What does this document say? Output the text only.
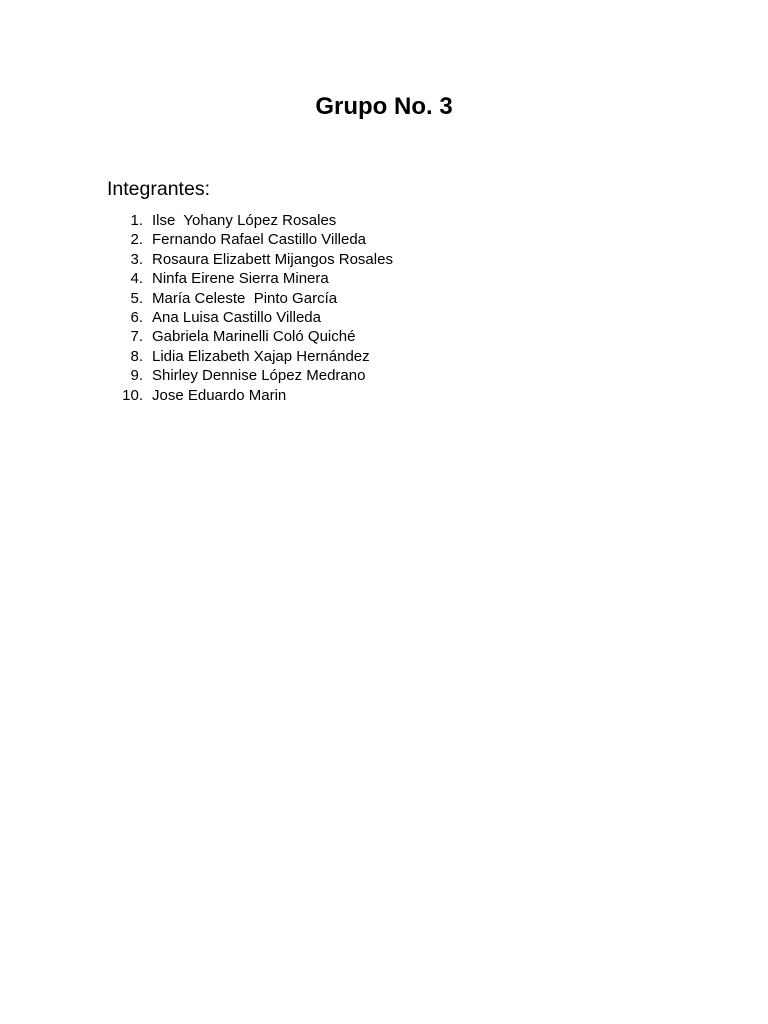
Grupo No. 3

Integrantes:

1. Ilse  Yohany López Rosales
2. Fernando Rafael Castillo Villeda
3. Rosaura Elizabett Mijangos Rosales
4. Ninfa Eirene Sierra Minera
5. María Celeste  Pinto García
6. Ana Luisa Castillo Villeda
7. Gabriela Marinelli Coló Quiché
8. Lidia Elizabeth Xajap Hernández
9. Shirley Dennise López Medrano
10. Jose Eduardo Marin
